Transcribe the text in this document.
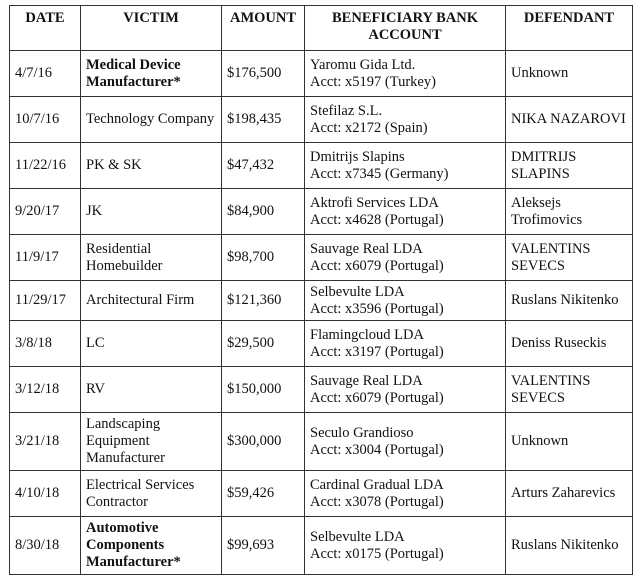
DATE	VICTIM	AMOUNT	BENEFICIARY BANK ACCOUNT	DEFENDANT

4/7/16	Medical Device Manufacturer*	$176,500	Yaromu Gida Ltd.
Acct: x5197 (Turkey)	Unknown

10/7/16	Technology Company	$198,435	Stefilaz S.L.
Acct: x2172 (Spain)	NIKA NAZAROVI

11/22/16	PK & SK	$47,432	Dmitrijs Slapins
Acct: x7345 (Germany)	DMITRIJS SLAPINS

9/20/17	JK	$84,900	Aktrofi Services LDA
Acct: x4628 (Portugal)	Aleksejs Trofimovics

11/9/17	Residential Homebuilder	$98,700	Sauvage Real LDA
Acct: x6079 (Portugal)	VALENTINS SEVECS

11/29/17	Architectural Firm	$121,360	Selbevulte LDA
Acct: x3596 (Portugal)	Ruslans Nikitenko

3/8/18	LC	$29,500	Flamingcloud LDA
Acct: x3197 (Portugal)	Deniss Ruseckis

3/12/18	RV	$150,000	Sauvage Real LDA
Acct: x6079 (Portugal)	VALENTINS SEVECS

3/21/18	Landscaping Equipment Manufacturer	$300,000	Seculo Grandioso
Acct: x3004 (Portugal)	Unknown

4/10/18	Electrical Services Contractor	$59,426	Cardinal Gradual LDA
Acct: x3078 (Portugal)	Arturs Zaharevics

8/30/18	Automotive Components Manufacturer*	$99,693	Selbevulte LDA
Acct: x0175 (Portugal)	Ruslans Nikitenko
